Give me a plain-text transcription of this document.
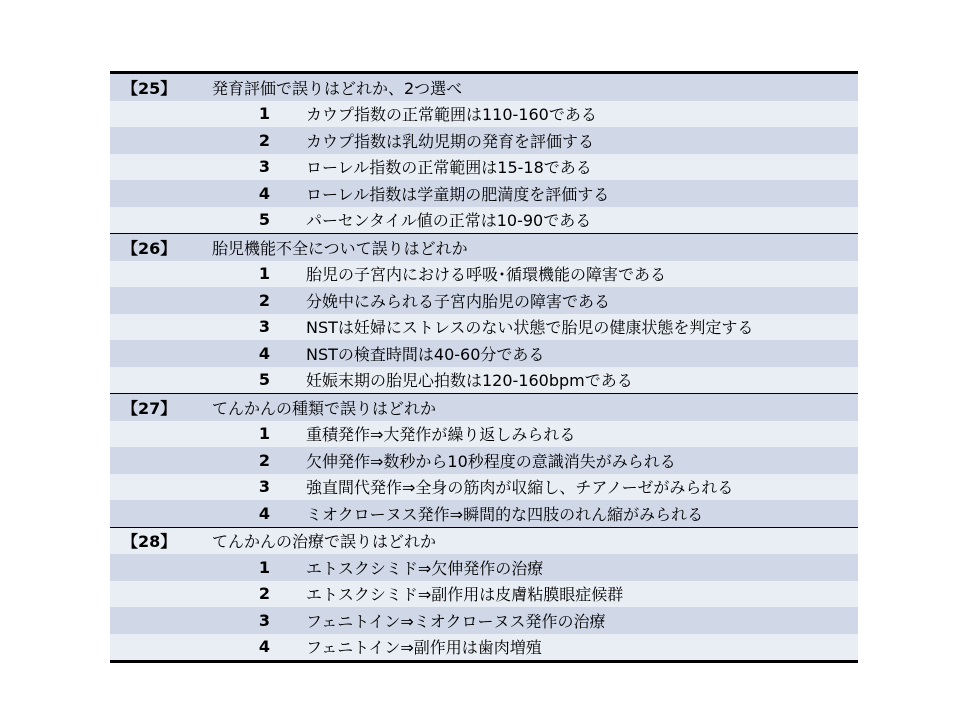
【25】	発育評価で誤りはどれか、2つ選べ
1	カウプ指数の正常範囲は110-160である
2	カウプ指数は乳幼児期の発育を評価する
3	ローレル指数の正常範囲は15-18である
4	ローレル指数は学童期の肥満度を評価する
5	パーセンタイル値の正常は10-90である
【26】	胎児機能不全について誤りはどれか
1	胎児の子宮内における呼吸･循環機能の障害である
2	分娩中にみられる子宮内胎児の障害である
3	NSTは妊婦にストレスのない状態で胎児の健康状態を判定する
4	NSTの検査時間は40-60分である
5	妊娠末期の胎児心拍数は120-160bpmである
【27】	てんかんの種類で誤りはどれか
1	重積発作⇒大発作が繰り返しみられる
2	欠伸発作⇒数秒から10秒程度の意識消失がみられる
3	強直間代発作⇒全身の筋肉が収縮し、チアノーゼがみられる
4	ミオクローヌス発作⇒瞬間的な四肢のれん縮がみられる
【28】	てんかんの治療で誤りはどれか
1	エトスクシミド⇒欠伸発作の治療
2	エトスクシミド⇒副作用は皮膚粘膜眼症候群
3	フェニトイン⇒ミオクローヌス発作の治療
4	フェニトイン⇒副作用は歯肉増殖
